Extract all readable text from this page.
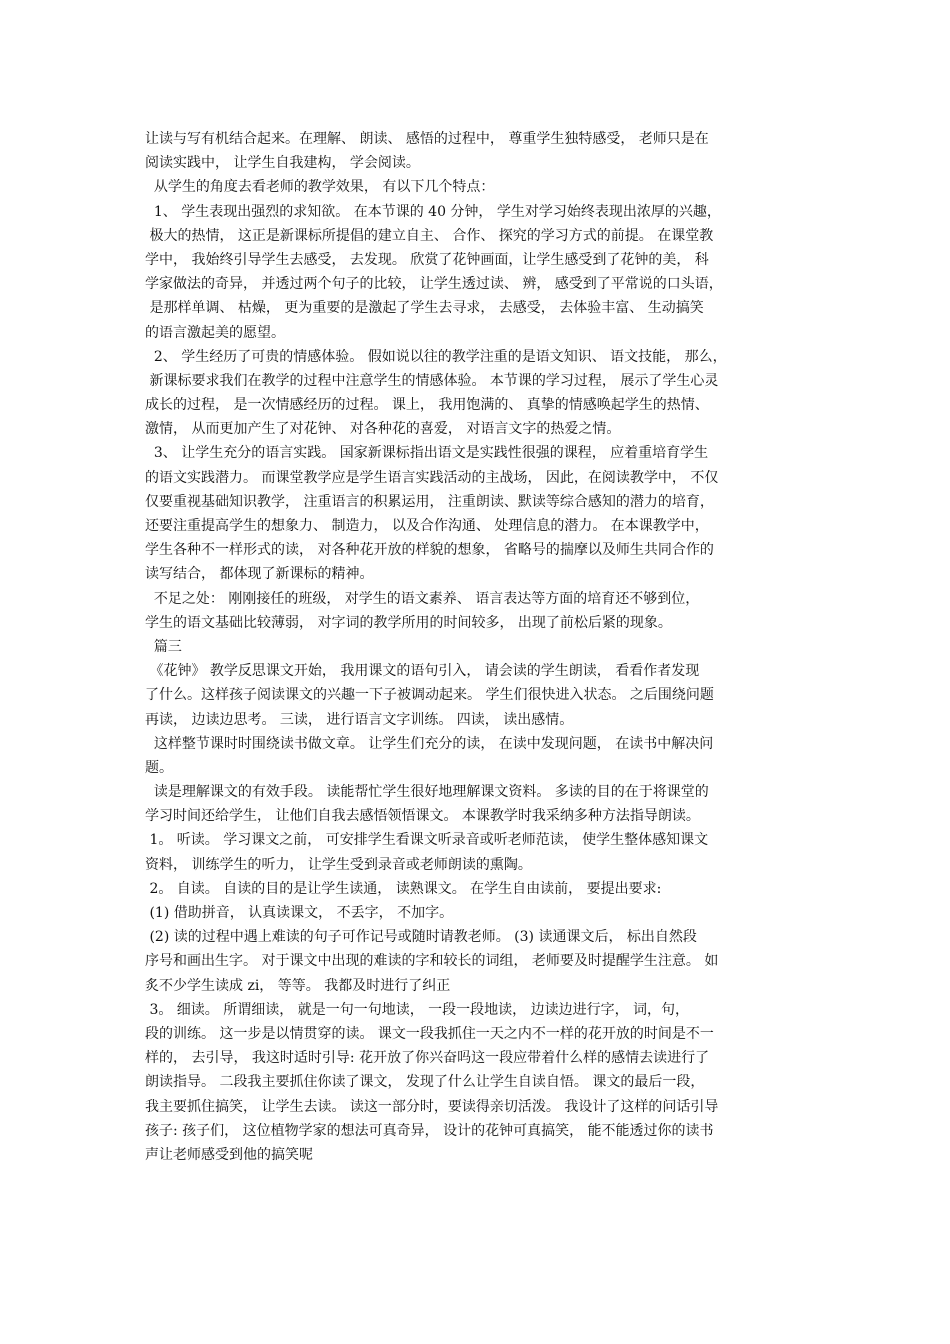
让读与写有机结合起来。在理解、 朗读、 感悟的过程中， 尊重学生独特感受， 老师只是在
阅读实践中， 让学生自我建构， 学会阅读。
从学生的角度去看老师的教学效果， 有以下几个特点：
1、 学生表现出强烈的求知欲。 在本节课的 40 分钟， 学生对学习始终表现出浓厚的兴趣，
极大的热情， 这正是新课标所提倡的建立自主、 合作、 探究的学习方式的前提。 在课堂教
学中， 我始终引导学生去感受， 去发现。 欣赏了花钟画面，让学生感受到了花钟的美， 科
学家做法的奇异， 并透过两个句子的比较， 让学生透过读、 辨， 感受到了平常说的口头语，
是那样单调、 枯燥， 更为重要的是激起了学生去寻求， 去感受， 去体验丰富、 生动搞笑
的语言激起美的愿望。
2、 学生经历了可贵的情感体验。 假如说以往的教学注重的是语文知识、 语文技能， 那么，
新课标要求我们在教学的过程中注意学生的情感体验。 本节课的学习过程， 展示了学生心灵
成长的过程， 是一次情感经历的过程。 课上， 我用饱满的、 真挚的情感唤起学生的热情、
激情， 从而更加产生了对花钟、 对各种花的喜爱， 对语言文字的热爱之情。
3、 让学生充分的语言实践。 国家新课标指出语文是实践性很强的课程， 应着重培育学生
的语文实践潜力。 而课堂教学应是学生语言实践活动的主战场， 因此，在阅读教学中， 不仅
仅要重视基础知识教学， 注重语言的积累运用， 注重朗读、默读等综合感知的潜力的培育，
还要注重提高学生的想象力、 制造力， 以及合作沟通、 处理信息的潜力。 在本课教学中，
学生各种不一样形式的读， 对各种花开放的样貌的想象， 省略号的揣摩以及师生共同合作的
读写结合， 都体现了新课标的精神。
不足之处： 刚刚接任的班级， 对学生的语文素养、 语言表达等方面的培育还不够到位，
学生的语文基础比较薄弱， 对字词的教学所用的时间较多， 出现了前松后紧的现象。
篇三
《花钟》 教学反思课文开始， 我用课文的语句引入， 请会读的学生朗读， 看看作者发现
了什么。这样孩子阅读课文的兴趣一下子被调动起来。 学生们很快进入状态。 之后围绕问题
再读， 边读边思考。 三读， 进行语言文字训练。 四读， 读出感情。
这样整节课时时围绕读书做文章。 让学生们充分的读， 在读中发现问题， 在读书中解决问
题。
读是理解课文的有效手段。 读能帮忙学生很好地理解课文资料。 多读的目的在于将课堂的
学习时间还给学生， 让他们自我去感悟领悟课文。 本课教学时我采纳多种方法指导朗读。
1。 听读。 学习课文之前， 可安排学生看课文听录音或听老师范读， 使学生整体感知课文
资料， 训练学生的听力， 让学生受到录音或老师朗读的熏陶。
2。 自读。 自读的目的是让学生读通， 读熟课文。 在学生自由读前， 要提出要求:
(1) 借助拼音， 认真读课文， 不丢字， 不加字。
(2) 读的过程中遇上难读的句子可作记号或随时请教老师。 (3) 读通课文后， 标出自然段
序号和画出生字。 对于课文中出现的难读的字和较长的词组， 老师要及时提醒学生注意。 如
炙不少学生读成 zi， 等等。 我都及时进行了纠正
3。 细读。 所谓细读， 就是一句一句地读， 一段一段地读， 边读边进行字， 词，句，
段的训练。 这一步是以情贯穿的读。 课文一段我抓住一天之内不一样的花开放的时间是不一
样的， 去引导， 我这时适时引导: 花开放了你兴奋吗这一段应带着什么样的感情去读进行了
朗读指导。 二段我主要抓住你读了课文， 发现了什么让学生自读自悟。 课文的最后一段，
我主要抓住搞笑， 让学生去读。 读这一部分时，要读得亲切活泼。 我设计了这样的问话引导
孩子: 孩子们， 这位植物学家的想法可真奇异， 设计的花钟可真搞笑， 能不能透过你的读书
声让老师感受到他的搞笑呢
